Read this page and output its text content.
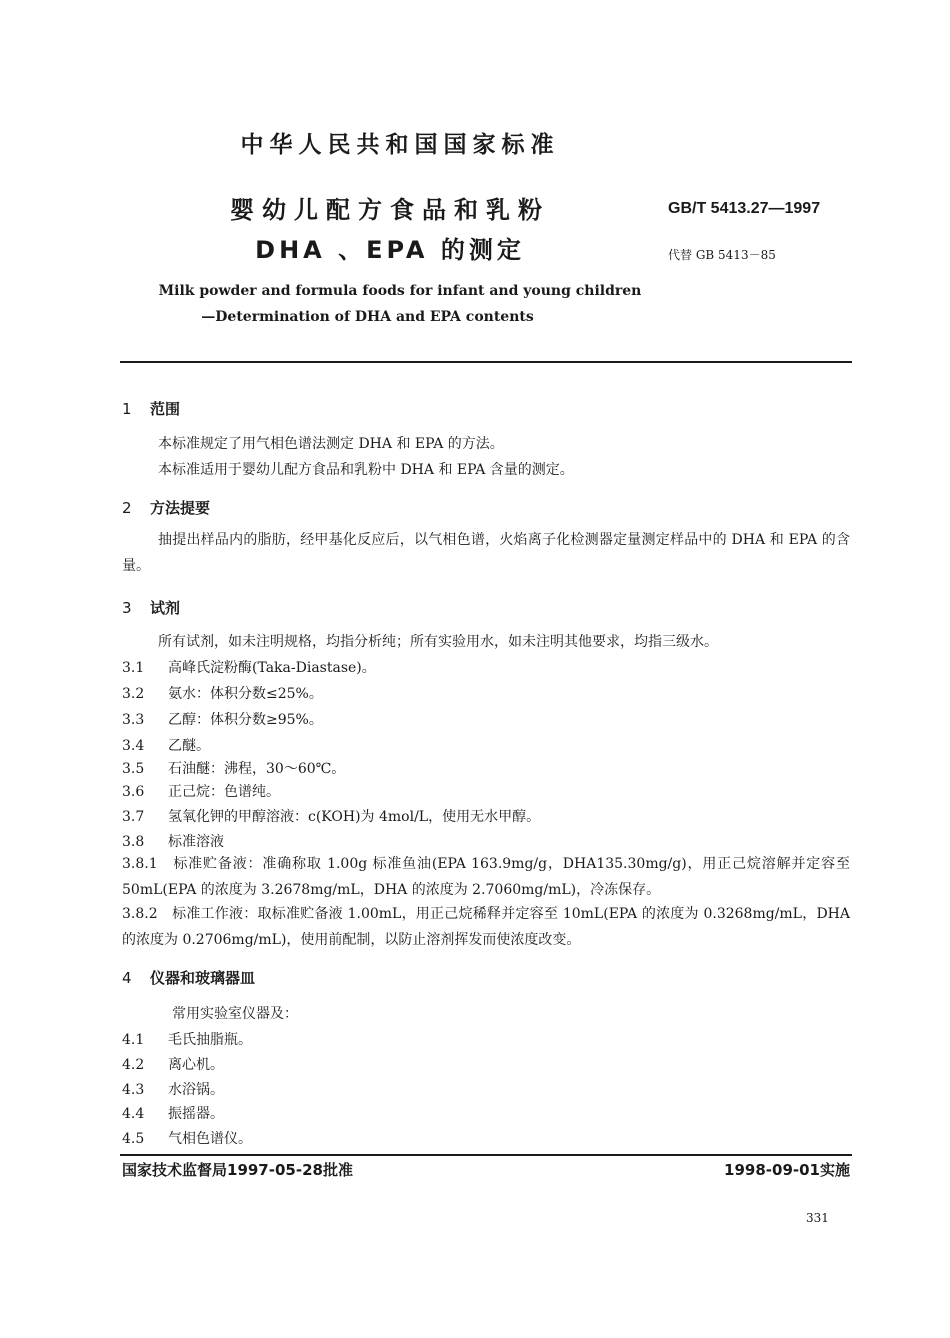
中华人民共和国国家标准
婴幼儿配方食品和乳粉
DHA 、EPA 的测定
GB/T 5413.27—1997
代替 GB 5413－85
Milk powder and formula foods for infant and young children
—Determination of DHA and EPA contents
1 范围
本标准规定了用气相色谱法测定 DHA 和 EPA 的方法。
本标准适用于婴幼儿配方食品和乳粉中 DHA 和 EPA 含量的测定。
2 方法提要
抽提出样品内的脂肪，经甲基化反应后，以气相色谱，火焰离子化检测器定量测定样品中的 DHA 和 EPA 的含量。
3 试剂
所有试剂，如未注明规格，均指分析纯；所有实验用水，如未注明其他要求，均指三级水。
3.1 高峰氏淀粉酶(Taka-Diastase)。
3.2 氨水：体积分数≤25%。
3.3 乙醇：体积分数≥95%。
3.4 乙醚。
3.5 石油醚：沸程，30～60℃。
3.6 正己烷：色谱纯。
3.7 氢氧化钾的甲醇溶液：c(KOH)为 4mol/L，使用无水甲醇。
3.8 标准溶液
3.8.1　标准贮备液：准确称取 1.00g 标准鱼油(EPA 163.9mg/g，DHA135.30mg/g)，用正己烷溶解并定容至 50mL(EPA 的浓度为 3.2678mg/mL，DHA 的浓度为 2.7060mg/mL)，冷冻保存。
3.8.2　标准工作液：取标准贮备液 1.00mL，用正己烷稀释并定容至 10mL(EPA 的浓度为 0.3268mg/mL，DHA 的浓度为 0.2706mg/mL)，使用前配制，以防止溶剂挥发而使浓度改变。
4 仪器和玻璃器皿
常用实验室仪器及：
4.1 毛氏抽脂瓶。
4.2 离心机。
4.3 水浴锅。
4.4 振摇器。
4.5 气相色谱仪。
国家技术监督局1997-05-28批准	1998-09-01实施
331
